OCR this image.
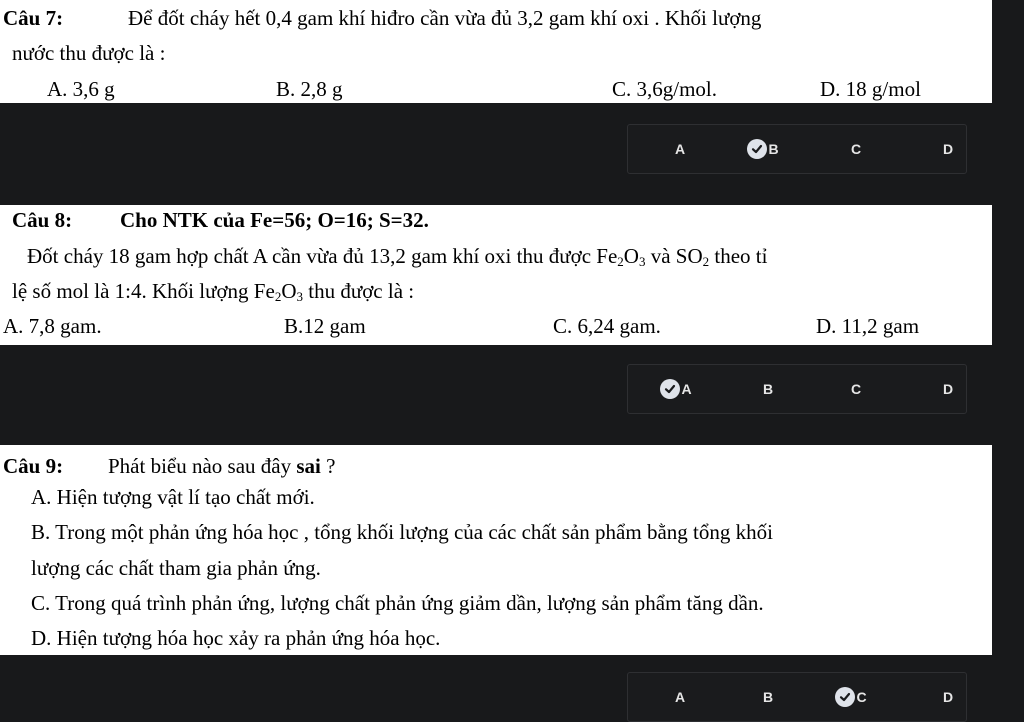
Câu 7:	Để đốt cháy hết 0,4 gam khí hiđro cần vừa đủ 3,2 gam khí oxi . Khối lượng
nước thu được là :
A. 3,6 g	B. 2,8 g	C. 3,6g/mol.	D. 18 g/mol
A	B	C	D
Câu 8: Cho NTK của Fe=56; O=16; S=32.
Đốt cháy 18 gam hợp chất A cần vừa đủ 13,2 gam khí oxi thu được $Fe_2O_3$ và $SO_2$ theo tỉ
lệ số mol là 1:4. Khối lượng $Fe_2O_3$ thu được là :
A. 7,8 gam.	B.12 gam	C. 6,24 gam.	D. 11,2 gam
A	B	C	D
Câu 9: Phát biểu nào sau đây sai ?
A. Hiện tượng vật lí tạo chất mới.
B. Trong một phản ứng hóa học , tổng khối lượng của các chất sản phẩm bằng tổng khối
lượng các chất tham gia phản ứng.
C. Trong quá trình phản ứng, lượng chất phản ứng giảm dần, lượng sản phẩm tăng dần.
D. Hiện tượng hóa học xảy ra phản ứng hóa học.
A	B	C	D
